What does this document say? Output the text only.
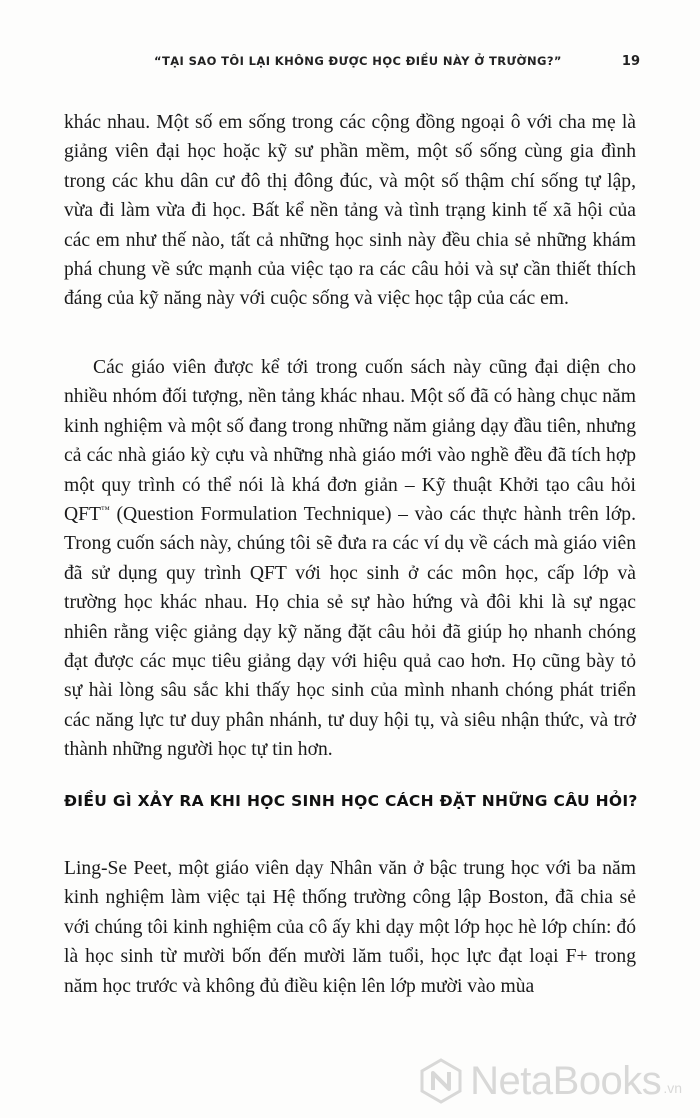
“TẠI SAO TÔI LẠI KHÔNG ĐƯỢC HỌC ĐIỀU NÀY Ở TRƯỜNG?”	19

khác nhau. Một số em sống trong các cộng đồng ngoại ô với cha mẹ là giảng viên đại học hoặc kỹ sư phần mềm, một số sống cùng gia đình trong các khu dân cư đô thị đông đúc, và một số thậm chí sống tự lập, vừa đi làm vừa đi học. Bất kể nền tảng và tình trạng kinh tế xã hội của các em như thế nào, tất cả những học sinh này đều chia sẻ những khám phá chung về sức mạnh của việc tạo ra các câu hỏi và sự cần thiết thích đáng của kỹ năng này với cuộc sống và việc học tập của các em.

Các giáo viên được kể tới trong cuốn sách này cũng đại diện cho nhiều nhóm đối tượng, nền tảng khác nhau. Một số đã có hàng chục năm kinh nghiệm và một số đang trong những năm giảng dạy đầu tiên, nhưng cả các nhà giáo kỳ cựu và những nhà giáo mới vào nghề đều đã tích hợp một quy trình có thể nói là khá đơn giản – Kỹ thuật Khởi tạo câu hỏi QFT™ (Question Formulation Technique) – vào các thực hành trên lớp. Trong cuốn sách này, chúng tôi sẽ đưa ra các ví dụ về cách mà giáo viên đã sử dụng quy trình QFT với học sinh ở các môn học, cấp lớp và trường học khác nhau. Họ chia sẻ sự hào hứng và đôi khi là sự ngạc nhiên rằng việc giảng dạy kỹ năng đặt câu hỏi đã giúp họ nhanh chóng đạt được các mục tiêu giảng dạy với hiệu quả cao hơn. Họ cũng bày tỏ sự hài lòng sâu sắc khi thấy học sinh của mình nhanh chóng phát triển các năng lực tư duy phân nhánh, tư duy hội tụ, và siêu nhận thức, và trở thành những người học tự tin hơn.

ĐIỀU GÌ XẢY RA KHI HỌC SINH HỌC CÁCH ĐẶT NHỮNG CÂU HỎI?

Ling-Se Peet, một giáo viên dạy Nhân văn ở bậc trung học với ba năm kinh nghiệm làm việc tại Hệ thống trường công lập Boston, đã chia sẻ với chúng tôi kinh nghiệm của cô ấy khi dạy một lớp học hè lớp chín: đó là học sinh từ mười bốn đến mười lăm tuổi, học lực đạt loại F+ trong năm học trước và không đủ điều kiện lên lớp mười vào mùa

NetaBooks .vn
